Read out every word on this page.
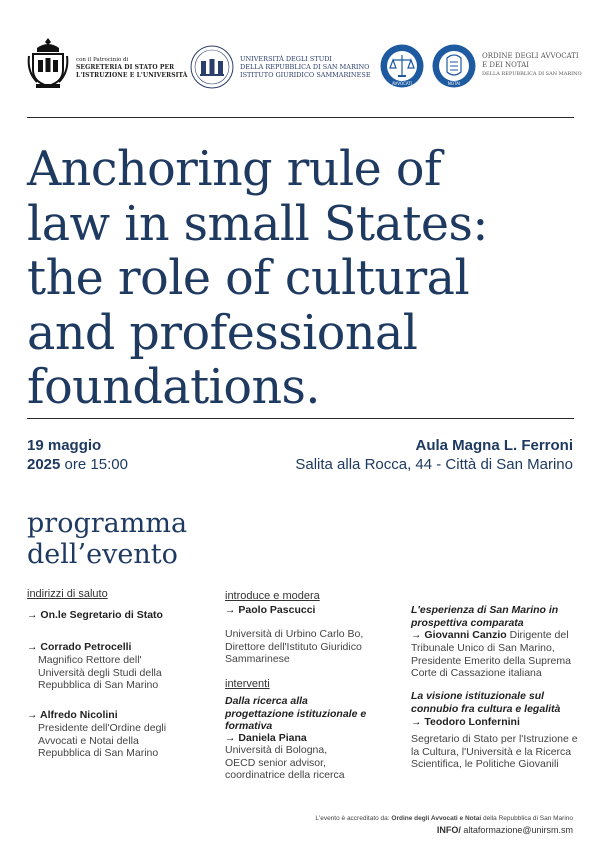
con il Patrocinio di
SEGRETERIA DI STATO PER
L'ISTRUZIONE E L'UNIVERSITÀ
UNIVERSITÀ DEGLI STUDI
DELLA REPUBBLICA DI SAN MARINO
ISTITUTO GIURIDICO SAMMARINESE
AVVOCATI	NOTAI
ORDINE DEGLI AVVOCATI
E DEI NOTAI
DELLA REPUBBLICA DI SAN MARINO
Anchoring rule of
law in small States:
the role of cultural
and professional
foundations.
19 maggio
2025 ore 15:00
Aula Magna L. Ferroni
Salita alla Rocca, 44 - Città di San Marino
programma
dell’evento
indirizzi di saluto
→ On.le Segretario di Stato
→ Corrado Petrocelli
Magnifico Rettore dell'
Università degli Studi della
Repubblica di San Marino
→ Alfredo Nicolini
Presidente dell'Ordine degli
Avvocati e Notai della
Repubblica di San Marino
introduce e modera
→ Paolo Pascucci
Università di Urbino Carlo Bo,
Direttore dell'Istituto Giuridico
Sammarinese
interventi
Dalla ricerca alla
progettazione istituzionale e
formativa
→ Daniela Piana
Università di Bologna,
OECD senior advisor,
coordinatrice della ricerca
L'esperienza di San Marino in
prospettiva comparata
→ Giovanni Canzio Dirigente del
Tribunale Unico di San Marino,
Presidente Emerito della Suprema
Corte di Cassazione italiana
La visione istituzionale sul
connubio fra cultura e legalità
→ Teodoro Lonfernini
Segretario di Stato per l'Istruzione e
la Cultura, l'Università e la Ricerca
Scientifica, le Politiche Giovanili
L'evento è accreditato da: Ordine degli Avvocati e Notai della Repubblica di San Marino
INFO/ altaformazione@unirsm.sm
